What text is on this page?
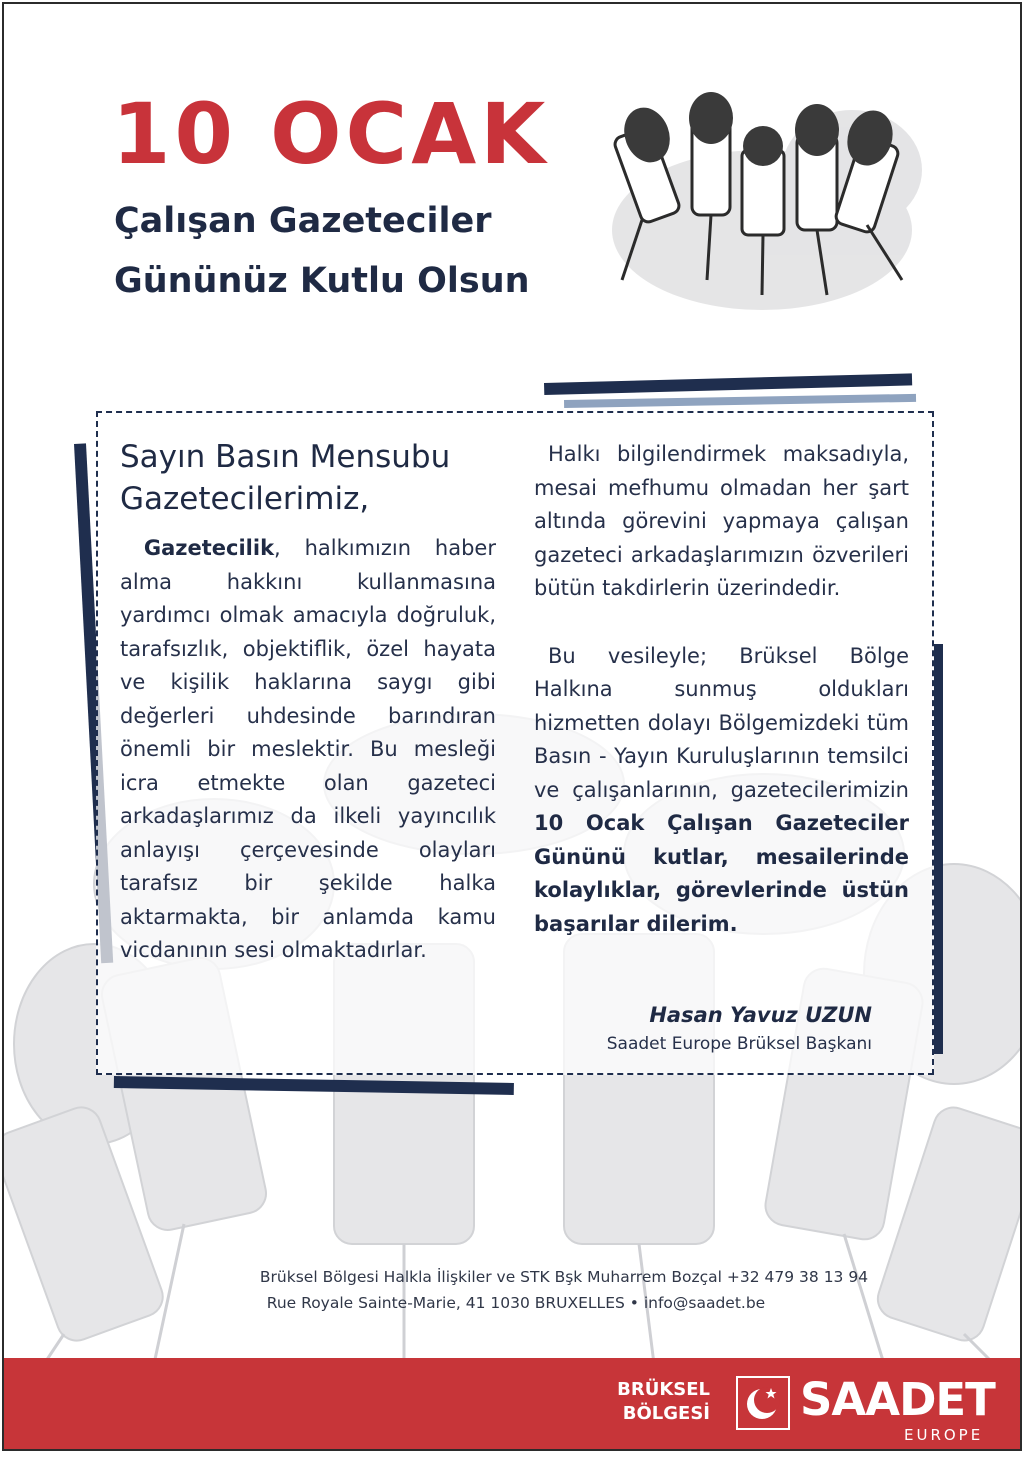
10 OCAK
Çalışan Gazeteciler
Gününüz Kutlu Olsun

Sayın Basın Mensubu Gazetecilerimiz,

Gazetecilik, halkımızın haber alma hakkını kullanmasına yardımcı olmak amacıyla doğruluk, tarafsızlık, objektiflik, özel hayata ve kişilik haklarına saygı gibi değerleri uhdesinde barındıran önemli bir meslektir. Bu mesleği icra etmekte olan gazeteci arkadaşlarımız da ilkeli yayıncılık anlayışı çerçevesinde olayları tarafsız bir şekilde halka aktarmakta, bir anlamda kamu vicdanının sesi olmaktadırlar.

Halkı bilgilendirmek maksadıyla, mesai mefhumu olmadan her şart altında görevini yapmaya çalışan gazeteci arkadaşlarımızın özverileri bütün takdirlerin üzerindedir.

Bu vesileyle; Brüksel Bölge Halkına sunmuş oldukları hizmetten dolayı Bölgemizdeki tüm Basın - Yayın Kuruluşlarının temsilci ve çalışanlarının, gazetecilerimizin 10 Ocak Çalışan Gazeteciler Gününü kutlar, mesailerinde kolaylıklar, görevlerinde üstün başarılar dilerim.

Hasan Yavuz UZUN
Saadet Europe Brüksel Başkanı
Brüksel Bölgesi Halkla İlişkiler ve STK Bşk Muharrem Bozçal +32 479 38 13 94
Rue Royale Sainte-Marie, 41 1030 BRUXELLES • info@saadet.be
BRÜKSEL
BÖLGESİ SAADET
EUROPE
